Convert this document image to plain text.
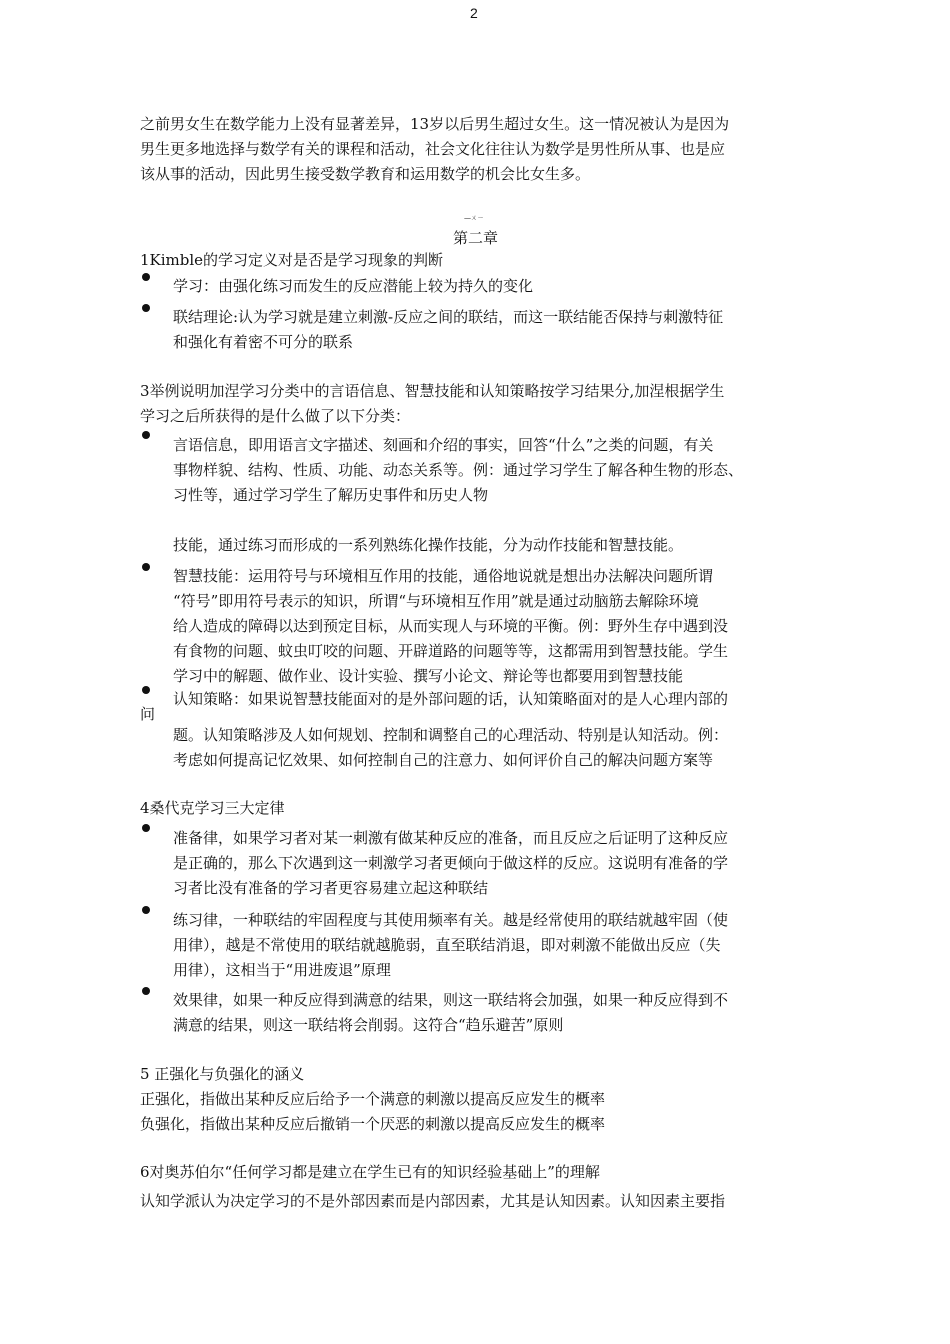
2
之前男女生在数学能力上没有显著差异，13岁以后男生超过女生。这一情况被认为是因为
男生更多地选择与数学有关的课程和活动，社会文化往往认为数学是男性所从事、也是应
该从事的活动，因此男生接受数学教育和运用数学的机会比女生多。
—ㄨㄧ
第二章
1Kimble的学习定义对是否是学习现象的判断
学习：由强化练习而发生的反应潜能上较为持久的变化
联结理论:认为学习就是建立刺激-反应之间的联结，而这一联结能否保持与刺激特征
和强化有着密不可分的联系
3举例说明加涅学习分类中的言语信息、智慧技能和认知策略按学习结果分,加涅根据学生
学习之后所获得的是什么做了以下分类：
言语信息，即用语言文字描述、刻画和介绍的事实，回答“什么”之类的问题，有关
事物样貌、结构、性质、功能、动态关系等。例：通过学习学生了解各种生物的形态、
习性等，通过学习学生了解历史事件和历史人物
技能，通过练习而形成的一系列熟练化操作技能，分为动作技能和智慧技能。
智慧技能：运用符号与环境相互作用的技能，通俗地说就是想出办法解决问题所谓
“符号”即用符号表示的知识，所谓“与环境相互作用”就是通过动脑筋去解除环境
给人造成的障碍以达到预定目标，从而实现人与环境的平衡。例：野外生存中遇到没
有食物的问题、蚊虫叮咬的问题、开辟道路的问题等等，这都需用到智慧技能。学生
学习中的解题、做作业、设计实验、撰写小论文、辩论等也都要用到智慧技能
认知策略：如果说智慧技能面对的是外部问题的话，认知策略面对的是人心理内部的
问
题。认知策略涉及人如何规划、控制和调整自己的心理活动、特别是认知活动。例：
考虑如何提高记忆效果、如何控制自己的注意力、如何评价自己的解决问题方案等
4桑代克学习三大定律
准备律，如果学习者对某一刺激有做某种反应的准备，而且反应之后证明了这种反应
是正确的，那么下次遇到这一刺激学习者更倾向于做这样的反应。这说明有准备的学
习者比没有准备的学习者更容易建立起这种联结
练习律，一种联结的牢固程度与其使用频率有关。越是经常使用的联结就越牢固（使
用律），越是不常使用的联结就越脆弱，直至联结消退，即对刺激不能做出反应（失
用律），这相当于“用进废退”原理
效果律，如果一种反应得到满意的结果，则这一联结将会加强，如果一种反应得到不
满意的结果，则这一联结将会削弱。这符合“趋乐避苦”原则
5 正强化与负强化的涵义
正强化，指做出某种反应后给予一个满意的刺激以提高反应发生的概率
负强化，指做出某种反应后撤销一个厌恶的刺激以提高反应发生的概率
6对奥苏伯尔“任何学习都是建立在学生已有的知识经验基础上”的理解
认知学派认为决定学习的不是外部因素而是内部因素，尤其是认知因素。认知因素主要指
